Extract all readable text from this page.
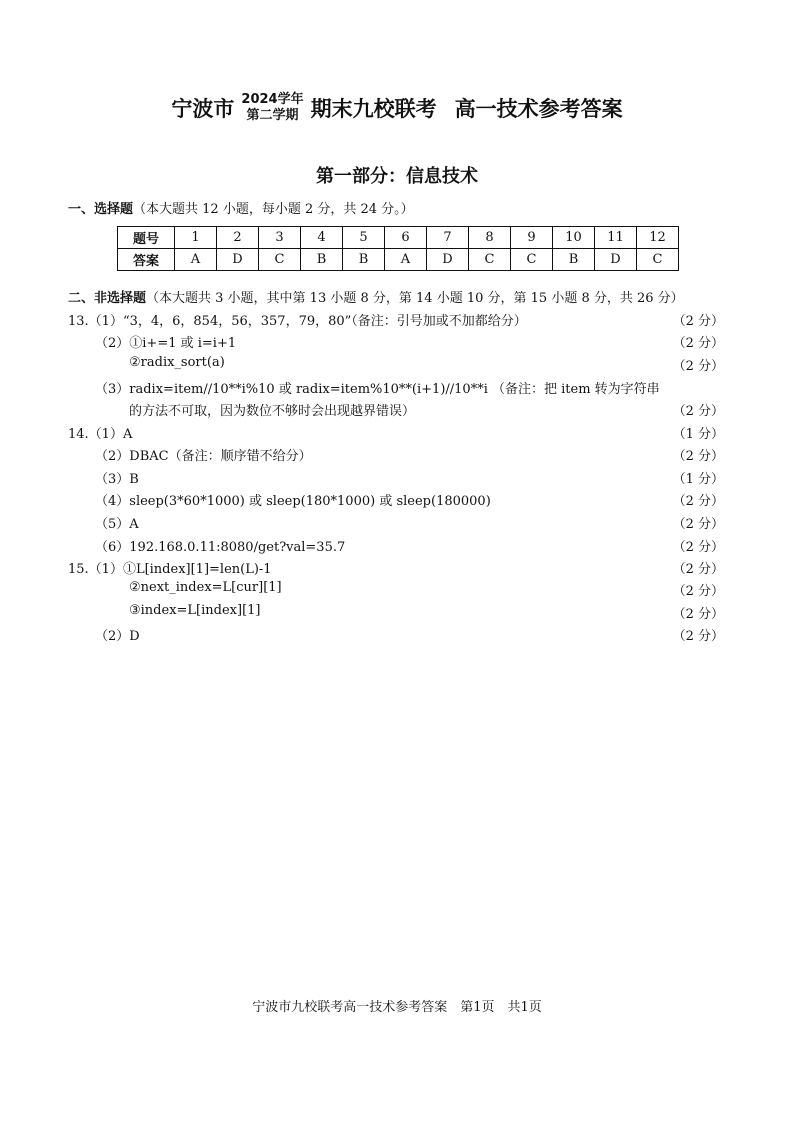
宁波市 2024学年
第二学期 期末九校联考 高一技术参考答案
第一部分：信息技术
一、选择题（本大题共 12 小题，每小题 2 分，共 24 分。）
题号	1	2	3	4	5	6	7	8	9	10	11	12
答案	A	D	C	B	B	A	D	C	C	B	D	C
二、非选择题（本大题共 3 小题，其中第 13 小题 8 分，第 14 小题 10 分，第 15 小题 8 分，共 26 分）
13.（1）“3，4，6，854，56，357，79，80”（备注：引号加或不加都给分）	（2 分）
（2）①i+=1 或 i=i+1	（2 分）
②radix_sort(a)	（2 分）
（3）radix=item//10**i%10 或 radix=item%10**(i+1)//10**i （备注：把 item 转为字符串
的方法不可取，因为数位不够时会出现越界错误）	（2 分）
14.（1）A	（1 分）
（2）DBAC（备注：顺序错不给分）	（2 分）
（3）B	（1 分）
（4）sleep(3*60*1000) 或 sleep(180*1000) 或 sleep(180000)	（2 分）
（5）A	（2 分）
（6）192.168.0.11:8080/get?val=35.7	（2 分）
15.（1）①L[index][1]=len(L)-1	（2 分）
②next_index=L[cur][1]	（2 分）
③index=L[index][1]	（2 分）
（2）D	（2 分）
宁波市九校联考高一技术参考答案　第1页　共1页
